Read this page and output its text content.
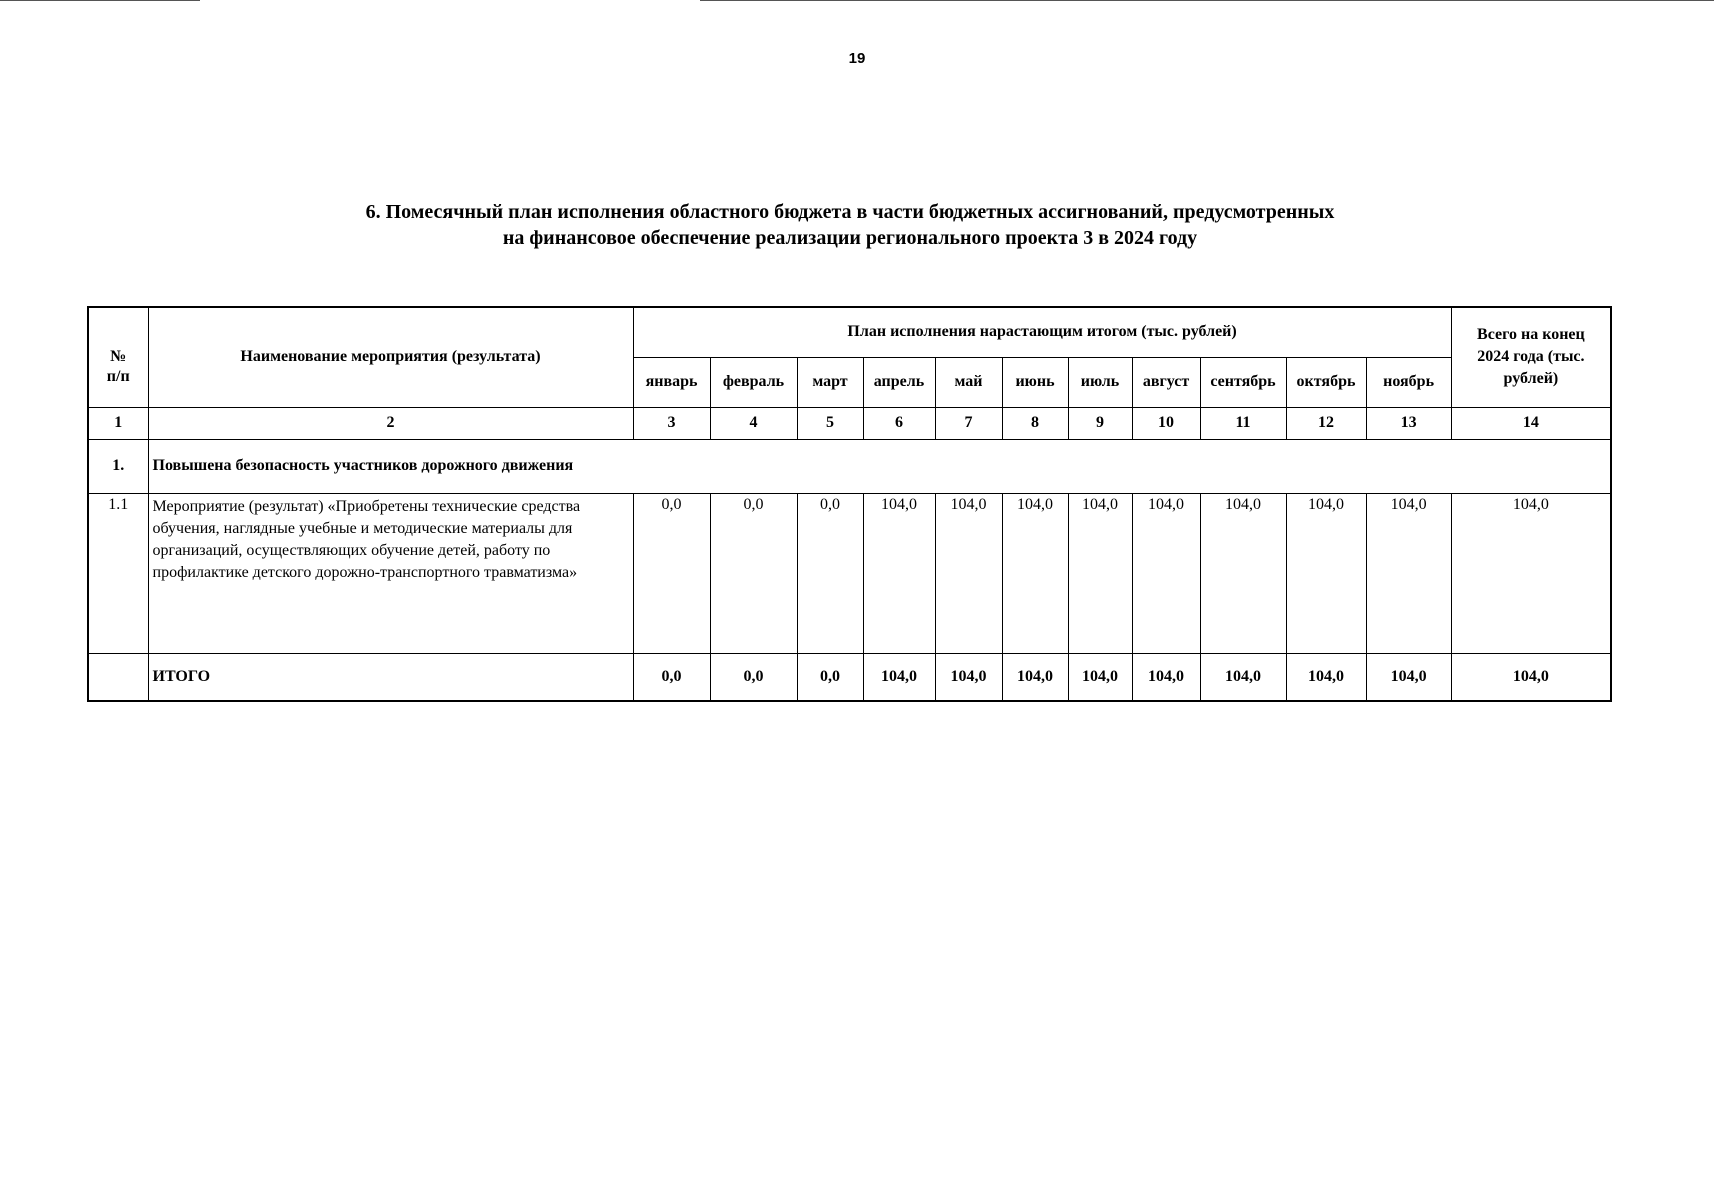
19
6. Помесячный план исполнения областного бюджета в части бюджетных ассигнований, предусмотренных
на финансовое обеспечение реализации регионального проекта 3 в 2024 году

№
п/п	Наименование мероприятия (результата)	План исполнения нарастающим итогом (тыс. рублей)											Всего на конец 2024 года (тыс. рублей)
		январь	февраль	март	апрель	май	июнь	июль	август	сентябрь	октябрь	ноябрь	
1	2	3	4	5	6	7	8	9	10	11	12	13	14
1.	Повышена безопасность участников дорожного движения												
1.1	Мероприятие (результат) «Приобретены технические средства обучения, наглядные учебные и методические материалы для организаций, осуществляющих обучение детей, работу по профилактике детского дорожно-транспортного травматизма»	0,0	0,0	0,0	104,0	104,0	104,0	104,0	104,0	104,0	104,0	104,0	104,0
	ИТОГО	0,0	0,0	0,0	104,0	104,0	104,0	104,0	104,0	104,0	104,0	104,0	104,0
